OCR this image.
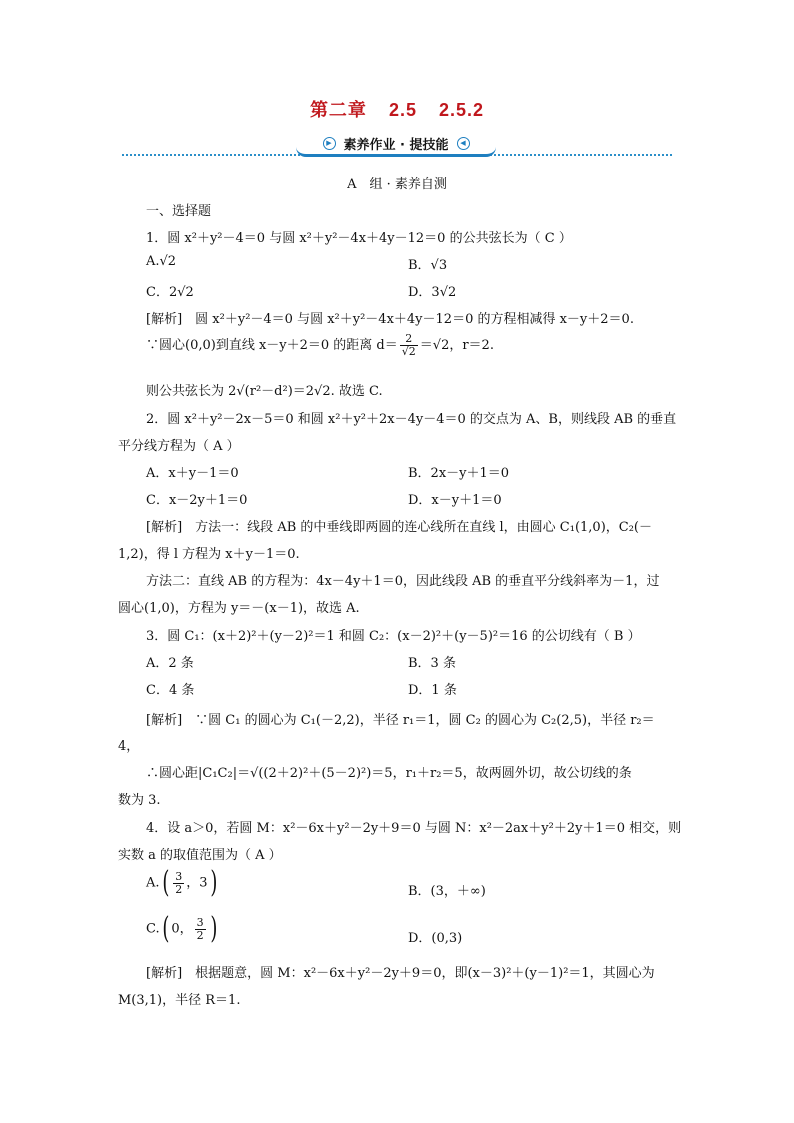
第二章 2.5 2.5.2
▶ 素养作业 · 提技能	◀
A　组 · 素养自测
一、选择题
1．圆 x²＋y²－4＝0 与圆 x²＋y²－4x＋4y－12＝0 的公共弦长为（ C ）
A.√2	B．√3
C．2√2	D．3√2
[解析]　 圆 x²＋y²－4＝0 与圆 x²＋y²－4x＋4y－12＝0 的方程相减得 x－y＋2＝0.
∵圆心(0,0)到直线 x－y＋2＝0 的距离 $d= \frac{2}{√2} =√2$，r＝2.
则公共弦长为 2√(r²－d²)＝2√2. 故选 C.
2．圆 x²＋y²－2x－5＝0 和圆 x²＋y²＋2x－4y－4＝0 的交点为 A、B，则线段 AB 的垂直
平分线方程为（ A ）
A．x＋y－1＝0	B．2x－y＋1＝0
C．x－2y＋1＝0	D．x－y＋1＝0
[解析]　 方法一：线段 AB 的中垂线即两圆的连心线所在直线 l，由圆心 C₁(1,0)，C₂(－
1,2)，得 l 方程为 x＋y－1＝0.
方法二：直线 AB 的方程为：4x－4y＋1＝0，因此线段 AB 的垂直平分线斜率为－1，过
圆心(1,0)，方程为 y＝－(x－1)，故选 A.
3．圆 C₁：(x＋2)²＋(y－2)²＝1 和圆 C₂：(x－2)²＋(y－5)²＝16 的公切线有（ B ）
A．2 条	B．3 条
C．4 条	D．1 条
[解析]　 ∵圆 C₁ 的圆心为 C₁(－2,2)，半径 r₁＝1，圆 C₂ 的圆心为 C₂(2,5)，半径 r₂＝
4，
∴圆心距|C₁C₂|＝√((2＋2)²＋(5－2)²)＝5，r₁＋r₂＝5，故两圆外切，故公切线的条
数为 3.
4．设 a＞0，若圆 M：x²－6x＋y²－2y＋9＝0 与圆 N：x²－2ax＋y²＋2y＋1＝0 相交，则
实数 a 的取值范围为（ A ）
$A.( \frac{3}{2}$ ，3)	B．(3，＋∞)
C.( 0， $\frac{3}{2}$ )	D．(0,3)
[解析]　 根据题意，圆 M：x²－6x＋y²－2y＋9＝0，即(x－3)²＋(y－1)²＝1，其圆心为
M(3,1)，半径 R＝1.
